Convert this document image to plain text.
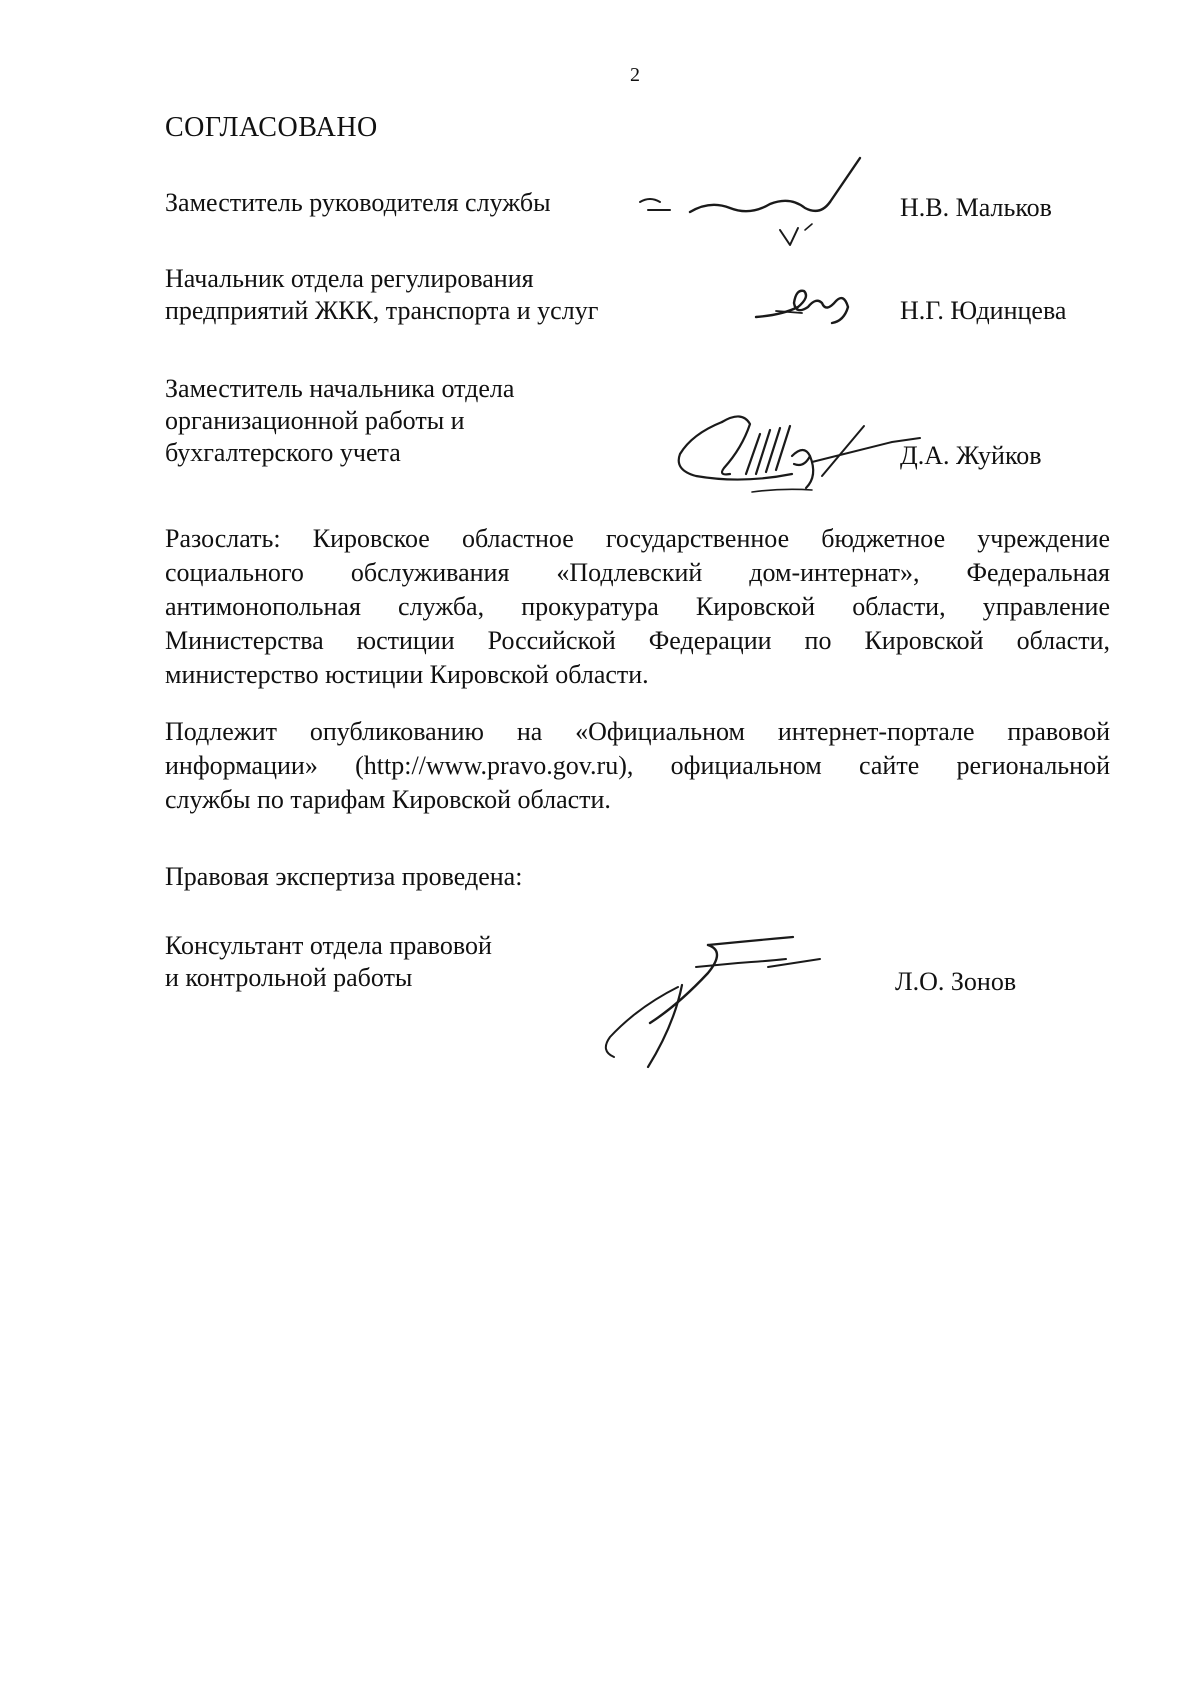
2
СОГЛАСОВАНО
Заместитель руководителя службы	Н.В. Мальков
Начальник отдела регулирования
предприятий ЖКК, транспорта и услуг	Н.Г. Юдинцева
Заместитель начальника отдела
организационной работы и
бухгалтерского учета	Д.А. Жуйков
Разослать: Кировское областное государственное бюджетное учреждение
социального обслуживания «Подлевский дом-интернат», Федеральная
антимонопольная служба, прокуратура Кировской области, управление
Министерства юстиции Российской Федерации по Кировской области,
министерство юстиции Кировской области.
Подлежит опубликованию на «Официальном интернет-портале правовой
информации» (http://www.pravo.gov.ru), официальном сайте региональной
службы по тарифам Кировской области.
Правовая экспертиза проведена:
Консультант отдела правовой
и контрольной работы	Л.О. Зонов
